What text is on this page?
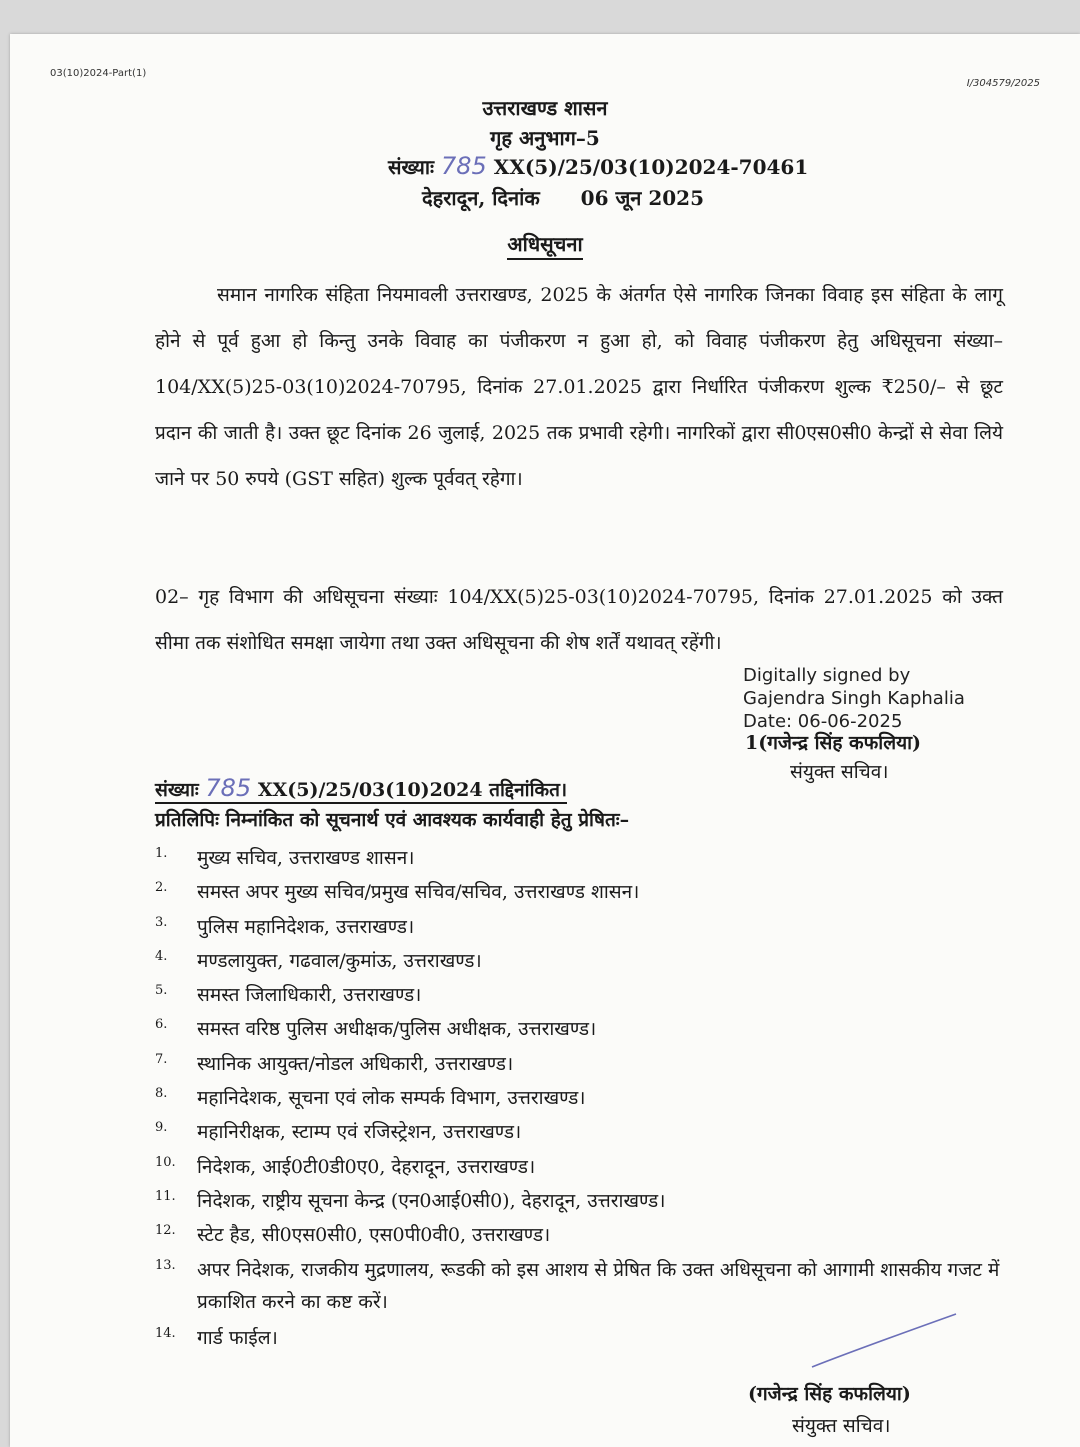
03(10)2024-Part(1)
I/304579/2025
उत्तराखण्ड शासन
गृह अनुभाग–5
संख्याः 785 XX(5)/25/03(10)2024-70461
देहरादून, दिनांक 06 जून 2025
अधिसूचना
समान नागरिक संहिता नियमावली उत्तराखण्ड, 2025 के अंतर्गत ऐसे नागरिक जिनका विवाह इस संहिता के लागू होने से पूर्व हुआ हो किन्तु उनके विवाह का पंजीकरण न हुआ हो, को विवाह पंजीकरण हेतु अधिसूचना संख्या–104/XX(5)25-03(10)2024-70795, दिनांक 27.01.2025 द्वारा निर्धारित पंजीकरण शुल्क ₹250/– से छूट प्रदान की जाती है। उक्त छूट दिनांक 26 जुलाई, 2025 तक प्रभावी रहेगी। नागरिकों द्वारा सी0एस0सी0 केन्द्रों से सेवा लिये जाने पर 50 रुपये (GST सहित) शुल्क पूर्ववत् रहेगा।
02– गृह विभाग की अधिसूचना संख्याः 104/XX(5)25-03(10)2024-70795, दिनांक 27.01.2025 को उक्त सीमा तक संशोधित समक्षा जायेगा तथा उक्त अधिसूचना की शेष शर्तें यथावत् रहेंगी।
Digitally signed by
Gajendra Singh Kaphalia
Date: 06-06-2025
1(गजेन्द्र सिंह कफलिया)
संयुक्त सचिव।
संख्याः 785 XX(5)/25/03(10)2024 तद्दिनांकित।
प्रतिलिपिः निम्नांकित को सूचनार्थ एवं आवश्यक कार्यवाही हेतु प्रेषितः–
1.	मुख्य सचिव, उत्तराखण्ड शासन।
2.	समस्त अपर मुख्य सचिव/प्रमुख सचिव/सचिव, उत्तराखण्ड शासन।
3.	पुलिस महानिदेशक, उत्तराखण्ड।
4.	मण्डलायुक्त, गढवाल/कुमांऊ, उत्तराखण्ड।
5.	समस्त जिलाधिकारी, उत्तराखण्ड।
6.	समस्त वरिष्ठ पुलिस अधीक्षक/पुलिस अधीक्षक, उत्तराखण्ड।
7.	स्थानिक आयुक्त/नोडल अधिकारी, उत्तराखण्ड।
8.	महानिदेशक, सूचना एवं लोक सम्पर्क विभाग, उत्तराखण्ड।
9.	महानिरीक्षक, स्टाम्प एवं रजिस्ट्रेशन, उत्तराखण्ड।
10.	निदेशक, आई0टी0डी0ए0, देहरादून, उत्तराखण्ड।
11.	निदेशक, राष्ट्रीय सूचना केन्द्र (एन0आई0सी0), देहरादून, उत्तराखण्ड।
12.	स्टेट हैड, सी0एस0सी0, एस0पी0वी0, उत्तराखण्ड।
13.	अपर निदेशक, राजकीय मुद्रणालय, रूडकी को इस आशय से प्रेषित कि उक्त अधिसूचना को आगामी शासकीय गजट में प्रकाशित करने का कष्ट करें।
14.	गार्ड फाईल।
(गजेन्द्र सिंह कफलिया)
संयुक्त सचिव।
